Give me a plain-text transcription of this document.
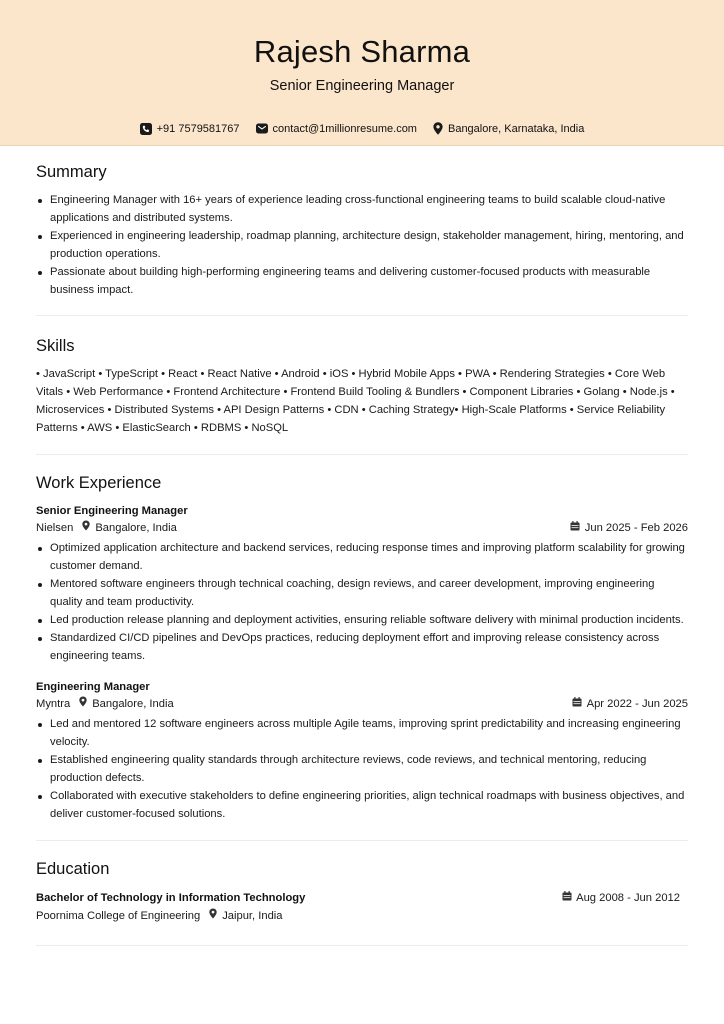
Rajesh Sharma
Senior Engineering Manager
+91 7579581767	contact@1millionresume.com	Bangalore, Karnataka, India
Summary
Engineering Manager with 16+ years of experience leading cross-functional engineering teams to build scalable cloud-native applications and distributed systems.
Experienced in engineering leadership, roadmap planning, architecture design, stakeholder management, hiring, mentoring, and production operations.
Passionate about building high-performing engineering teams and delivering customer-focused products with measurable business impact.
Skills
• JavaScript • TypeScript • React • React Native • Android • iOS • Hybrid Mobile Apps • PWA • Rendering Strategies • Core Web Vitals • Web Performance • Frontend Architecture • Frontend Build Tooling & Bundlers • Component Libraries • Golang • Node.js • Microservices • Distributed Systems • API Design Patterns • CDN • Caching Strategy• High-Scale Platforms • Service Reliability Patterns • AWS • ElasticSearch • RDBMS • NoSQL
Work Experience
Senior Engineering Manager
Nielsen Bangalore, India	Jun 2025 - Feb 2026
Optimized application architecture and backend services, reducing response times and improving platform scalability for growing customer demand.
Mentored software engineers through technical coaching, design reviews, and career development, improving engineering quality and team productivity.
Led production release planning and deployment activities, ensuring reliable software delivery with minimal production incidents.
Standardized CI/CD pipelines and DevOps practices, reducing deployment effort and improving release consistency across engineering teams.
Engineering Manager
Myntra Bangalore, India	Apr 2022 - Jun 2025
Led and mentored 12 software engineers across multiple Agile teams, improving sprint predictability and increasing engineering velocity.
Established engineering quality standards through architecture reviews, code reviews, and technical mentoring, reducing production defects.
Collaborated with executive stakeholders to define engineering priorities, align technical roadmaps with business objectives, and deliver customer-focused solutions.
Education
Bachelor of Technology in Information Technology	Aug 2008 - Jun 2012
Poornima College of Engineering Jaipur, India
